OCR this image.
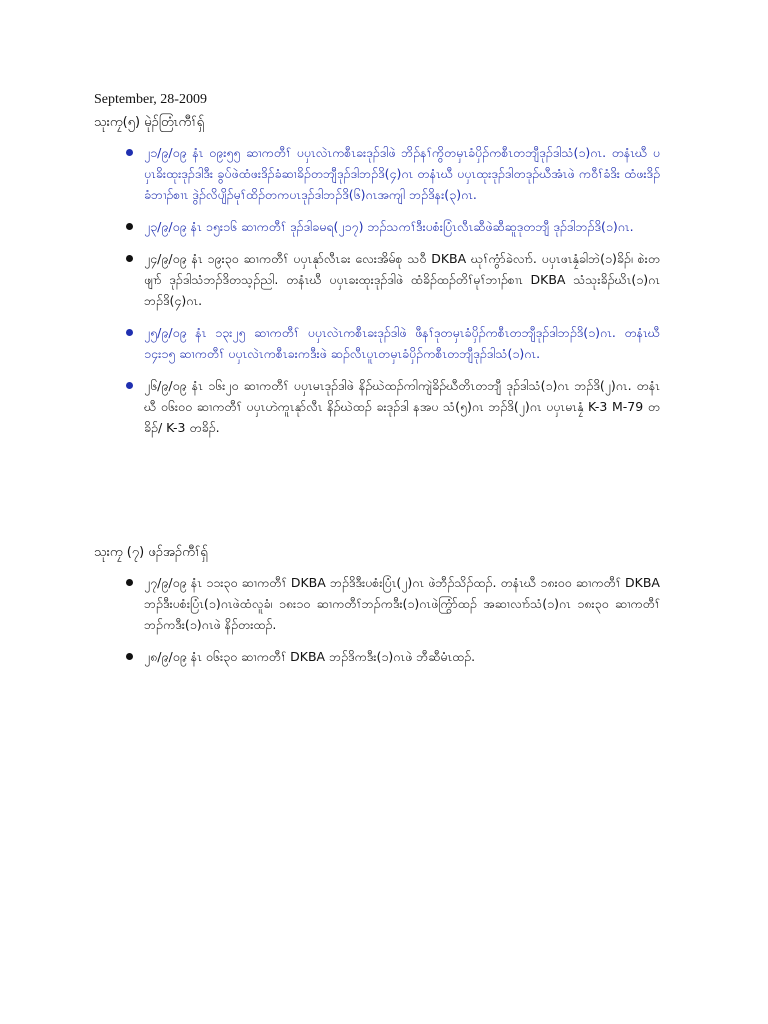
September, 28-2009
သုးကၠ(၅) မုဲၣ်တြံၤကီၢ်ရှ်
၂၁/၉/၀၉ နံၤ ၀၉း၅၅ ဆၢကတီၢ် ပပှၤလဲၤကစီၤခးဒုၣ်ဒါဖဲ ဘိၣ်နၢ်ကွိတမှၤခံပှိၣ်ကစီၤတဘျီဒုၣ်ဒါသံ(၁)ဂၤ. တနံၤဃီ ပပှၤခိးထုးဒုၣ်ဒါဒီး ခွပ်ဖဲထံဖးဒိၣ်ခံဆၢခိၣ်တဘျီဒုၣ်ဒါဘၣ်ဒိ(၄)ဂၤ တနံၤဃီ ပပှၤထုးဒုၣ်ဒါတဒုၣ်ဃီအံၤဖဲ ကဝီၢ်ခံဒိး ထံဖးဒိၣ်ခံဘၢၣ်စၢၤ ဒွဲၣ်လိပျိၣ်မုၢ်ထိၣ်တကပၤဒုၣ်ဒါဘၣ်ဒိ(၆)ဂၤအကျါ ဘၣ်ဒိနး(၃)ဂၤ.
၂၃/၉/၀၉ နံၤ ၁၅း၁၆ ဆၢကတီၢ် ဒုၣ်ဒါခမရ(၂၁၇) ဘၣ်သကၢ်ဒီးပစံးပြံၤလီၤဆီဖဲဆီဆူဒုတဘျီ ဒုၣ်ဒါဘၣ်ဒိ(၁)ဂၤ.
၂၄/၉/၀၉ နံၤ ၁၉း၃၀ ဆၢကတီၢ် ပပှၤနုာ်လီၤခး လေးအိမ်စု သဝီ DKBA ဃုၢ်ကွံာ်ခဲလၢာ်. ပပှၤဖၤနၠံခါဘဲ(၁)ခိၣ်၊ စဲးတဖျၢာ် ဒုၣ်ဒါသံဘၣ်ဒိတသ့ၣ်ညါ. တနံၤဃီ ပပှၤခးထုးဒုၣ်ဒါဖဲ ထံခိၣ်ထၣ်တိၢ်မုၢ်ဘၢၣ်စၢၤ DKBA သံသုးခိၣ်ဃိၤ(၁)ဂၤ ဘၣ်ဒိ(၄)ဂၤ.
၂၅/၉/၀၉ နံၤ ၁၃း၂၅ ဆၢကတီၢ် ပပှၤလဲၤကစီၤခးဒုၣ်ဒါဖဲ ဖီနၢ်ဒုတမှၤခံပှိၣ်ကစီၤတဘျီဒုၣ်ဒါဘၣ်ဒိ(၁)ဂၤ. တနံၤဃီ ၁၄း၁၅ ဆၢကတီၢ် ပပှၤလဲၤကစီၤခးကဒီးဖဲ ဆၣ်လီၤပူၤတမှၤခံပှိၣ်ကစီၤတဘျီဒုၣ်ဒါသံ(၁)ဂၤ.
၂၆/၉/၀၉ နံၤ ၁၆း၂၀ ဆၢကတီၢ် ပပှၤမၤဒုၣ်ဒါဖဲ နိၣ်ဃဲထၣ်ကါကျဲခိၣ်ဃီတိၤတဘျီ ဒုၣ်ဒါသံ(၁)ဂၤ ဘၣ်ဒိ(၂)ဂၤ. တနံၤဃီ ၀၆း၀၀ ဆၢကတီၢ် ပပှၤဟဲကူၤနုာ်လီၤ နိၣ်ဃဲထၣ် ခးဒုၣ်ဒါ နအပ သံ(၅)ဂၤ ဘၣ်ဒိ(၂)ဂၤ ပပှၤမၤနၠံ K-3 M-79 တခိၣ်/ K-3 တခိၣ်.
သုးကၠ (၇) ဖၣ်အၣ်ကီၢ်ရှ်
၂၇/၉/၀၉ နံၤ ၁၁း၃၀ ဆၢကတီၢ် DKBA ဘၣ်ဒိဒီးပစံးပြံၤ(၂)ဂၤ ဖဲဘီၣ်သိၣ်ထၣ်. တနံၤဃီ ၁၈း၀၀ ဆၢကတီၢ် DKBA ဘၣ်ဒီးပစံးပြံၤ(၁)ဂၤဖဲထံလူခံ၊ ၁၈း၁၀ ဆၢကတီၢ်ဘၣ်ကဒီး(၁)ဂၤဖဲကြွံာ်ထၣ် အဆၢလၢာ်သံ(၁)ဂၤ ၁၈း၃၀ ဆၢကတီၢ်ဘၣ်ကဒီး(၁)ဂၤဖဲ နိၣ်တးထၣ်.
၂၈/၉/၀၉ နံၤ ၀၆း၃၀ ဆၢကတီၢ် DKBA ဘၣ်ဒိကဒီး(၁)ဂၤဖဲ ဘီဆီမံၤထၣ်.
